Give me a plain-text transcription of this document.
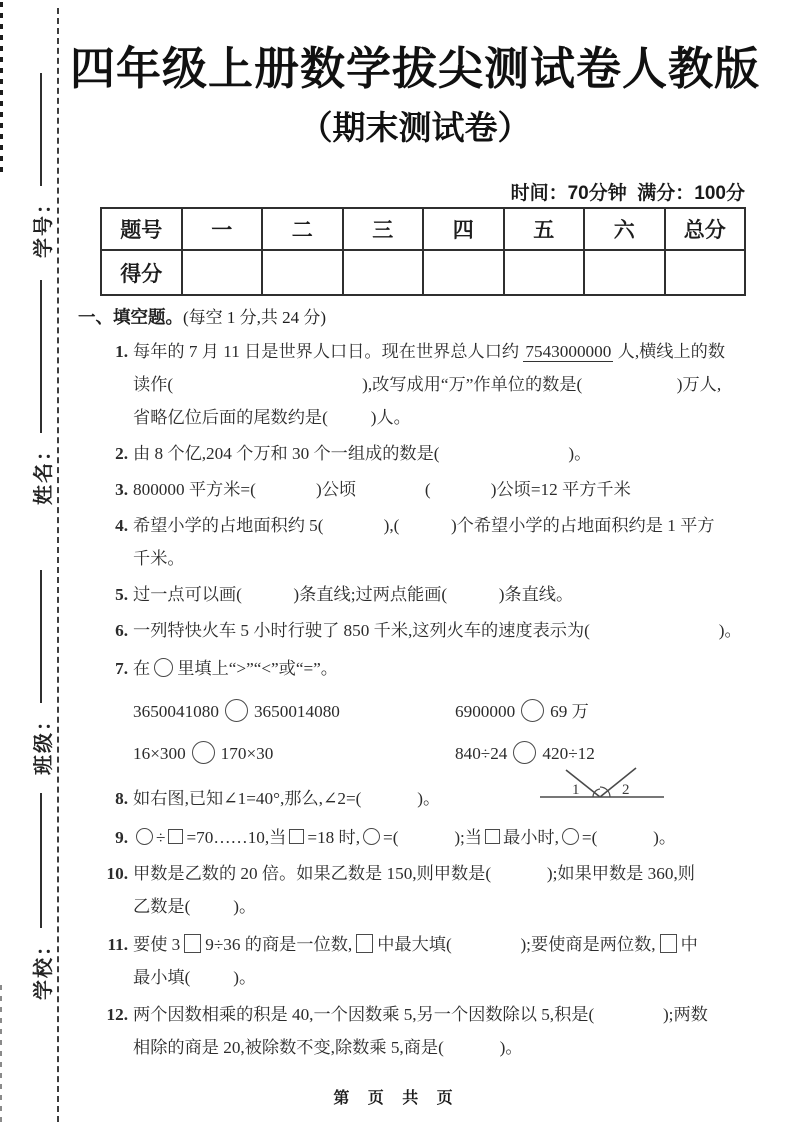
学号：
姓名：
班级：
学校：
四年级上册数学拔尖测试卷人教版
（期末测试卷）
时间：70分钟  满分：100分
题号	一	二	三	四	五	六	总分
得分							
一、填空题。(每空 1 分,共 24 分)
1. 每年的 7 月 11 日是世界人口日。现在世界总人口约 7543000000 人,横线上的数
读作(                                            ),改写成用“万”作单位的数是(                      )万人,
省略亿位后面的尾数约是(          )人。
2. 由 8 个亿,204 个万和 30 个一组成的数是(                              )。
3. 800000 平方米=(              )公顷                (              )公顷=12 平方千米
4. 希望小学的占地面积约 5(              ),(            )个希望小学的占地面积约是 1 平方
千米。
5. 过一点可以画(            )条直线;过两点能画(            )条直线。
6. 一列特快火车 5 小时行驶了 850 千米,这列火车的速度表示为(                              )。
7. 在 里填上“>”“<”或“=”。
3650041080 3650014080	6900000 69 万
16×300 170×30	840÷24 420÷12
8. 如右图,已知∠1=40°,那么,∠2=(             )。
9. ÷ =70……10,当 =18 时, =(             );当 最小时, =(             )。
10. 甲数是乙数的 20 倍。如果乙数是 150,则甲数是(             );如果甲数是 360,则
乙数是(          )。
11. 要使 3 9÷36 的商是一位数, 中最大填(                );要使商是两位数, 中
最小填(          )。
12. 两个因数相乘的积是 40,一个因数乘 5,另一个因数除以 5,积是(                );两数
相除的商是 20,被除数不变,除数乘 5,商是(             )。
1	2
第 页 共 页
